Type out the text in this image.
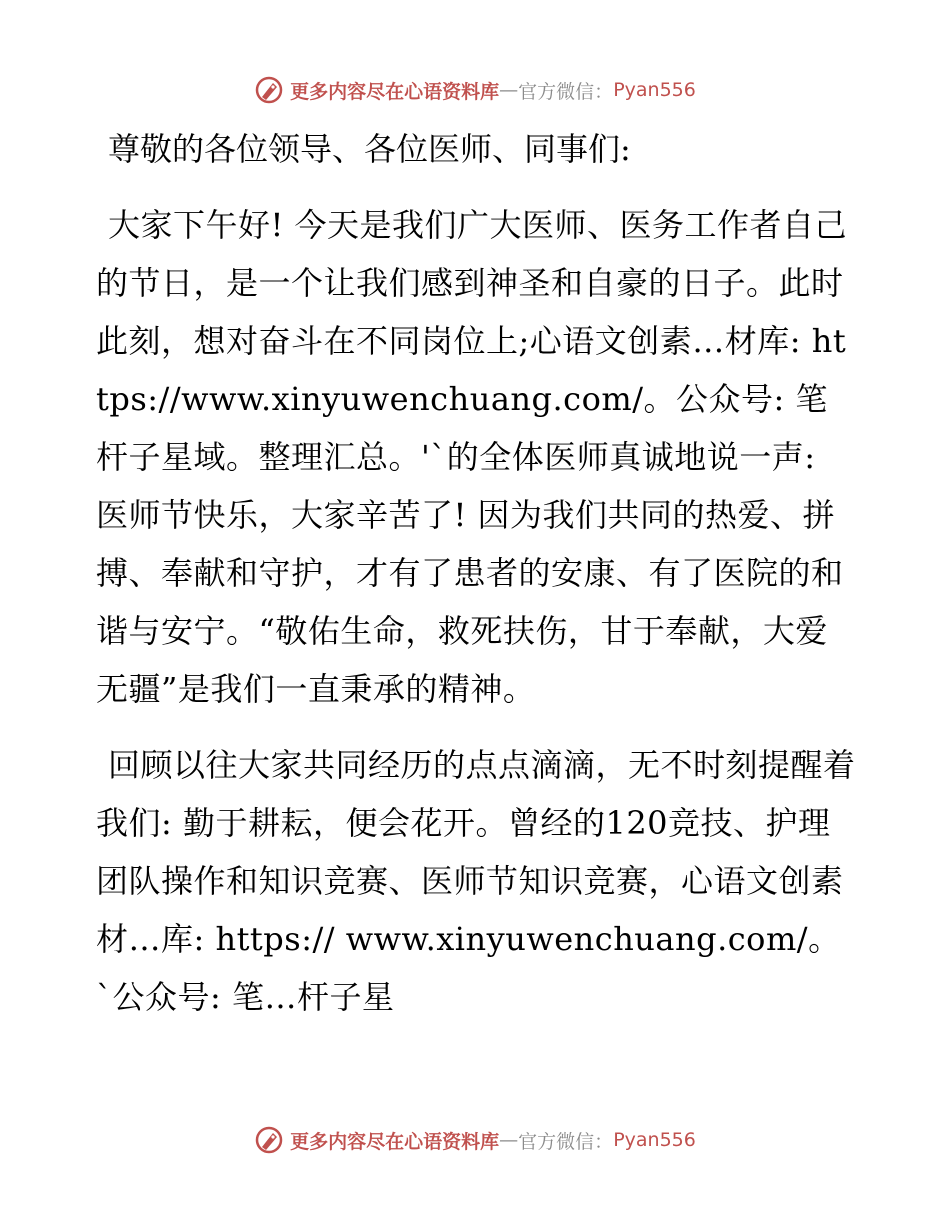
更多内容尽在心语资料库 — 官方微信： Pyan556

尊敬的各位领导、各位医师、同事们:

大家下午好! 今天是我们广大医师、医务工作者自己的节日，是一个让我们感到神圣和自豪的日子。此时此刻，想对奋斗在不同岗位上;心语文创素…材库: https://www.xinyuwenchuang.com/。公众号: 笔杆子星域。整理汇总。'`的全体医师真诚地说一声: 医师节快乐，大家辛苦了! 因为我们共同的热爱、拼搏、奉献和守护，才有了患者的安康、有了医院的和谐与安宁。“敬佑生命，救死扶伤，甘于奉献，大爱无疆”是我们一直秉承的精神。

回顾以往大家共同经历的点点滴滴，无不时刻提醒着我们: 勤于耕耘，便会花开。曾经的120竞技、护理团队操作和知识竞赛、医师节知识竞赛，心语文创素材…库: https:// www.xinyuwenchuang.com/。`公众号: 笔…杆子星

更多内容尽在心语资料库 — 官方微信： Pyan556
